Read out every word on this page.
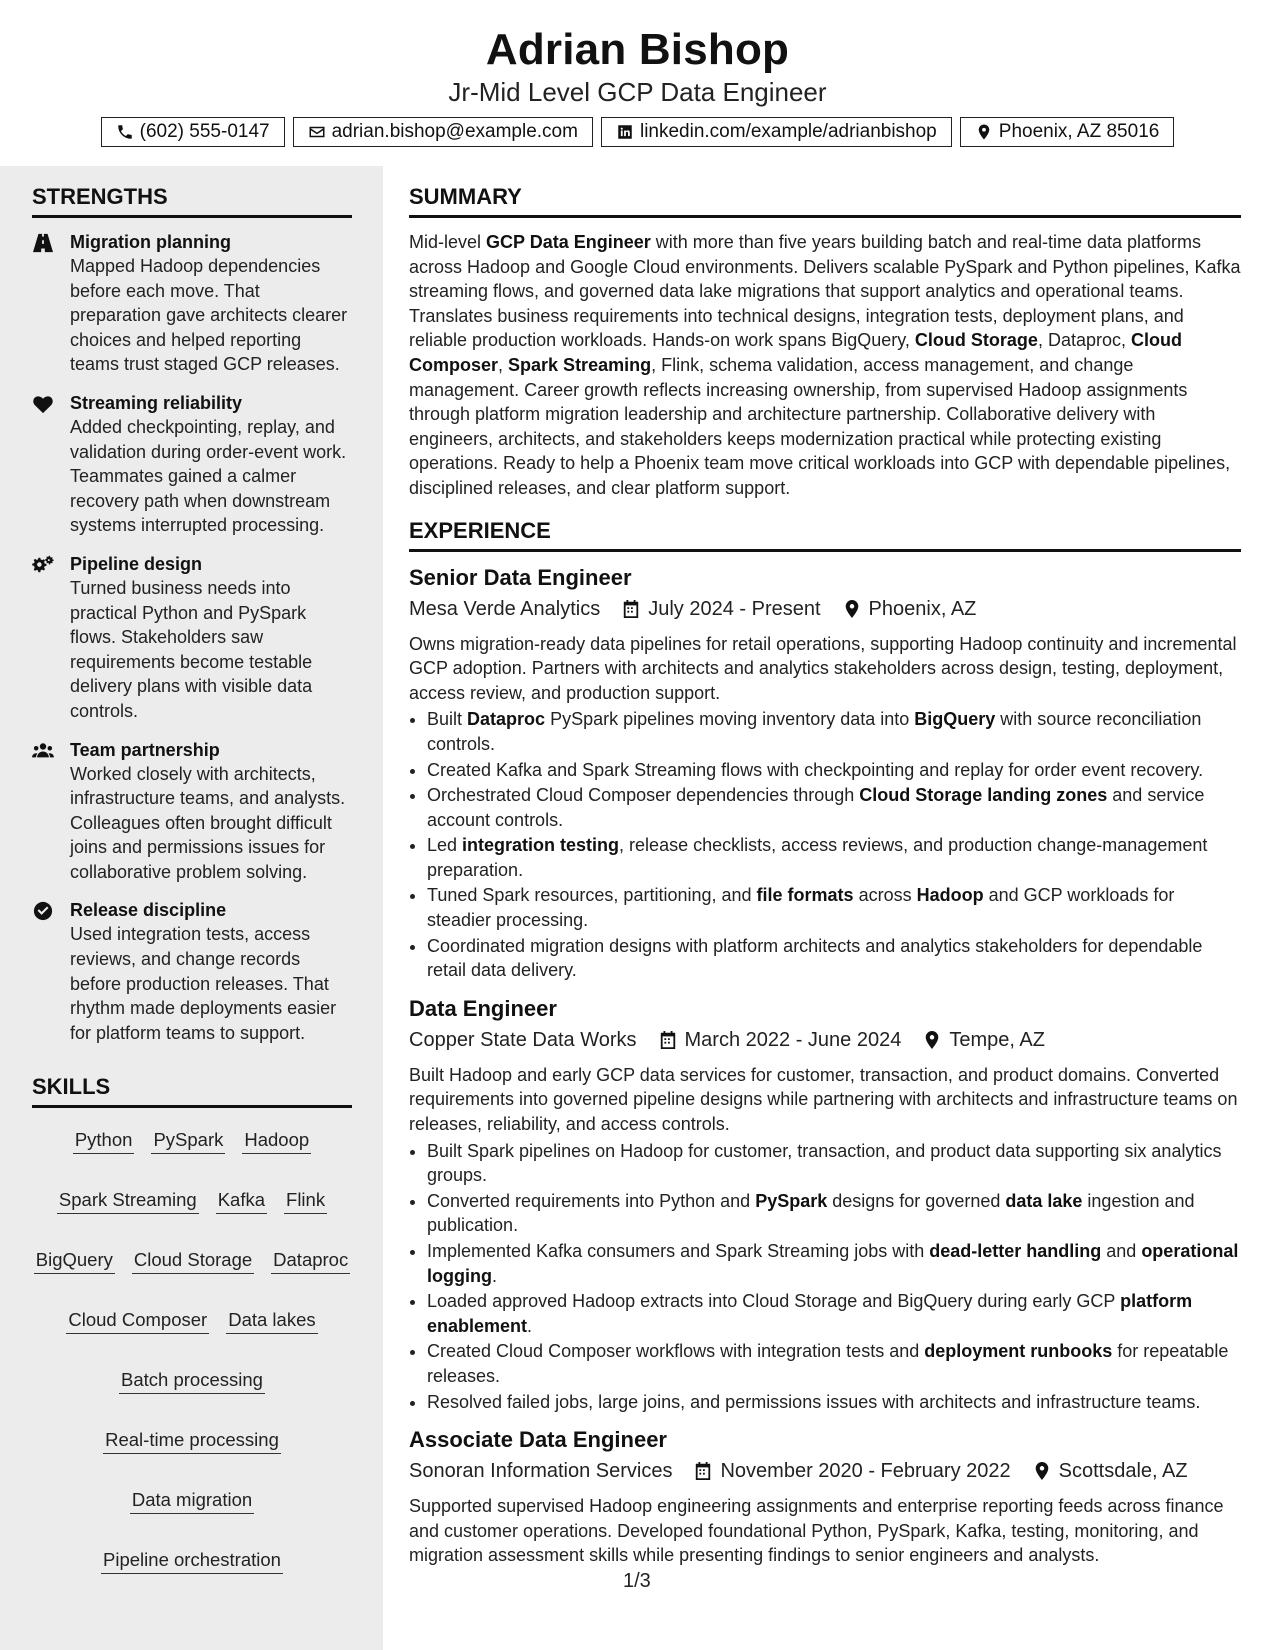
Adrian Bishop
Jr-Mid Level GCP Data Engineer
(602) 555-0147	adrian.bishop@example.com	linkedin.com/example/adrianbishop	Phoenix, AZ 85016
STRENGTHS
Migration planning
Mapped Hadoop dependencies before each move. That preparation gave architects clearer choices and helped reporting teams trust staged GCP releases.
Streaming reliability
Added checkpointing, replay, and validation during order-event work. Teammates gained a calmer recovery path when downstream systems interrupted processing.
Pipeline design
Turned business needs into practical Python and PySpark flows. Stakeholders saw requirements become testable delivery plans with visible data controls.
Team partnership
Worked closely with architects, infrastructure teams, and analysts. Colleagues often brought difficult joins and permissions issues for collaborative problem solving.
Release discipline
Used integration tests, access reviews, and change records before production releases. That rhythm made deployments easier for platform teams to support.
SKILLS
Python PySpark Hadoop
Spark Streaming Kafka Flink
BigQuery Cloud Storage Dataproc
Cloud Composer Data lakes
Batch processing
Real-time processing
Data migration
Pipeline orchestration
SUMMARY
Mid-level GCP Data Engineer with more than five years building batch and real-time data platforms across Hadoop and Google Cloud environments. Delivers scalable PySpark and Python pipelines, Kafka streaming flows, and governed data lake migrations that support analytics and operational teams. Translates business requirements into technical designs, integration tests, deployment plans, and reliable production workloads. Hands-on work spans BigQuery, Cloud Storage, Dataproc, Cloud Composer, Spark Streaming, Flink, schema validation, access management, and change management. Career growth reflects increasing ownership, from supervised Hadoop assignments through platform migration leadership and architecture partnership. Collaborative delivery with engineers, architects, and stakeholders keeps modernization practical while protecting existing operations. Ready to help a Phoenix team move critical workloads into GCP with dependable pipelines, disciplined releases, and clear platform support.
EXPERIENCE
Senior Data Engineer
Mesa Verde Analytics July 2024 - Present Phoenix, AZ
Owns migration-ready data pipelines for retail operations, supporting Hadoop continuity and incremental GCP adoption. Partners with architects and analytics stakeholders across design, testing, deployment, access review, and production support.
• Built Dataproc PySpark pipelines moving inventory data into BigQuery with source reconciliation controls.
• Created Kafka and Spark Streaming flows with checkpointing and replay for order event recovery.
• Orchestrated Cloud Composer dependencies through Cloud Storage landing zones and service account controls.
• Led integration testing, release checklists, access reviews, and production change-management preparation.
• Tuned Spark resources, partitioning, and file formats across Hadoop and GCP workloads for steadier processing.
• Coordinated migration designs with platform architects and analytics stakeholders for dependable retail data delivery.
Data Engineer
Copper State Data Works March 2022 - June 2024 Tempe, AZ
Built Hadoop and early GCP data services for customer, transaction, and product domains. Converted requirements into governed pipeline designs while partnering with architects and infrastructure teams on releases, reliability, and access controls.
• Built Spark pipelines on Hadoop for customer, transaction, and product data supporting six analytics groups.
• Converted requirements into Python and PySpark designs for governed data lake ingestion and publication.
• Implemented Kafka consumers and Spark Streaming jobs with dead-letter handling and operational logging.
• Loaded approved Hadoop extracts into Cloud Storage and BigQuery during early GCP platform enablement.
• Created Cloud Composer workflows with integration tests and deployment runbooks for repeatable releases.
• Resolved failed jobs, large joins, and permissions issues with architects and infrastructure teams.
Associate Data Engineer
Sonoran Information Services November 2020 - February 2022 Scottsdale, AZ
Supported supervised Hadoop engineering assignments and enterprise reporting feeds across finance and customer operations. Developed foundational Python, PySpark, Kafka, testing, monitoring, and migration assessment skills while presenting findings to senior engineers and analysts.
1/3
